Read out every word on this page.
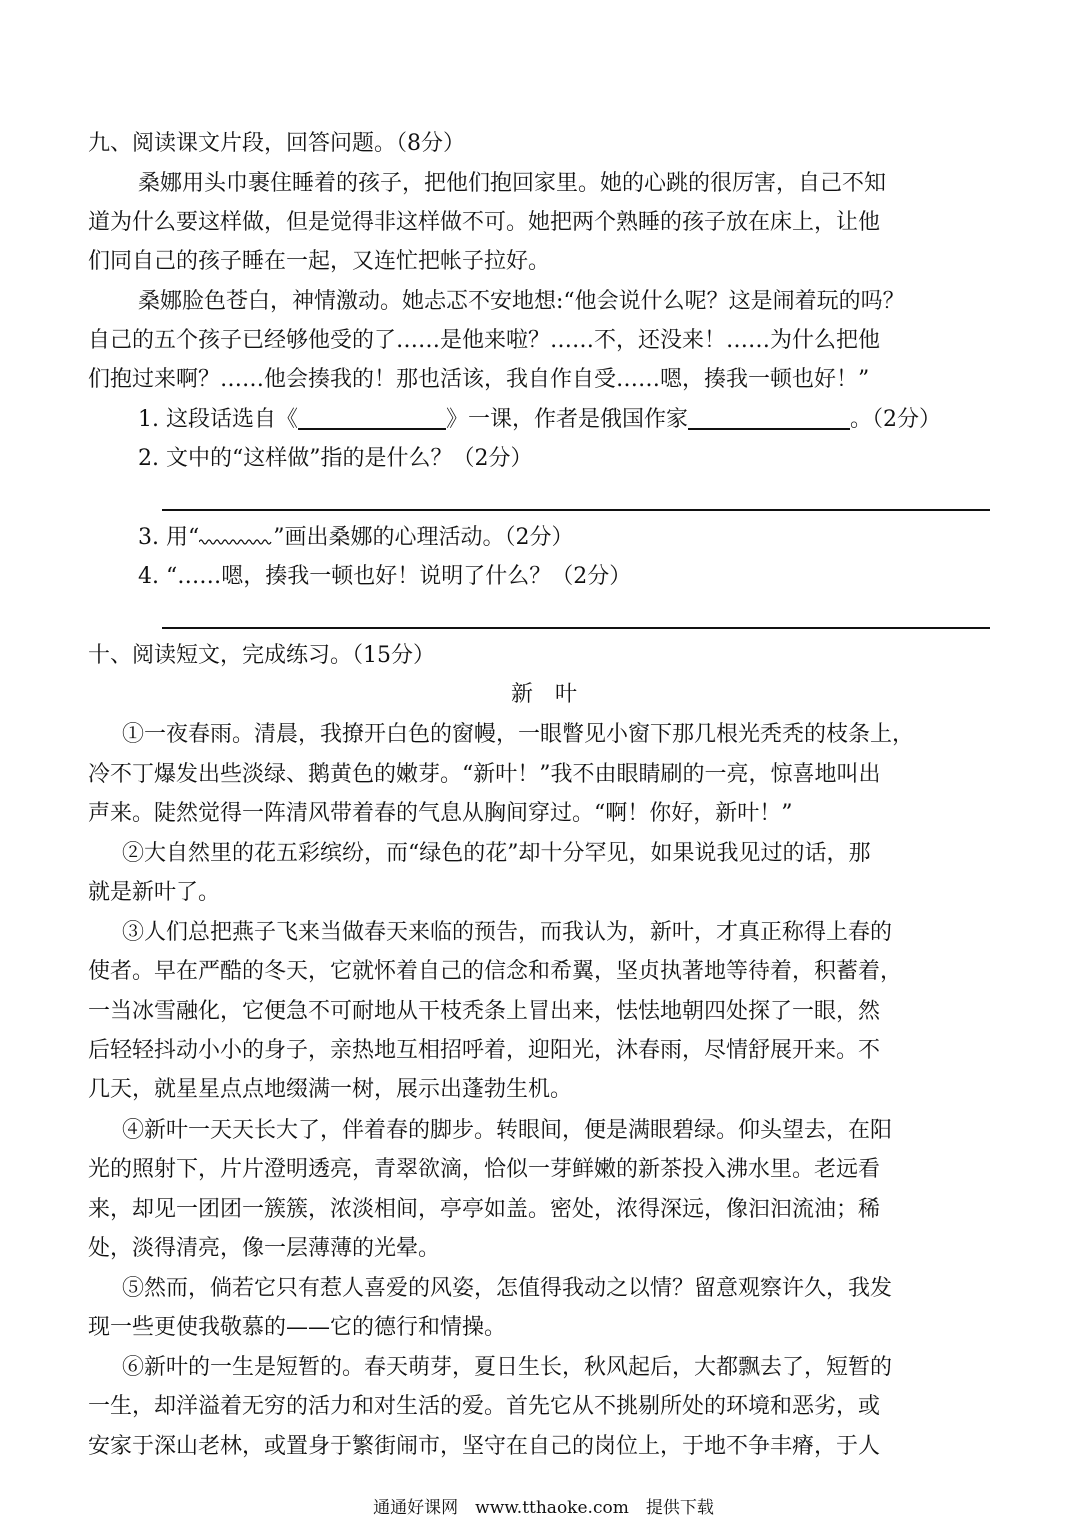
九、阅读课文片段，回答问题。（8分）
桑娜用头巾裹住睡着的孩子，把他们抱回家里。她的心跳的很厉害，自己不知
道为什么要这样做，但是觉得非这样做不可。她把两个熟睡的孩子放在床上，让他
们同自己的孩子睡在一起，又连忙把帐子拉好。
桑娜脸色苍白，神情激动。她忐忑不安地想:“他会说什么呢？这是闹着玩的吗？
自己的五个孩子已经够他受的了……是他来啦？……不，还没来！……为什么把他
们抱过来啊？……他会揍我的！那也活该，我自作自受……嗯，揍我一顿也好！”
1. 这段话选自《	》一课，作者是俄国作家	。（2分）
2. 文中的“这样做”指的是什么？（2分）
3. 用“	”画出桑娜的心理活动。（2分）
4. “……嗯，揍我一顿也好！说明了什么？（2分）
十、阅读短文，完成练习。（15分）
新　叶
①一夜春雨。清晨，我撩开白色的窗幔，一眼瞥见小窗下那几根光秃秃的枝条上，
冷不丁爆发出些淡绿、鹅黄色的嫩芽。“新叶！”我不由眼睛刷的一亮，惊喜地叫出
声来。陡然觉得一阵清风带着春的气息从胸间穿过。“啊！你好，新叶！”
②大自然里的花五彩缤纷，而“绿色的花”却十分罕见，如果说我见过的话，那
就是新叶了。
③人们总把燕子飞来当做春天来临的预告，而我认为，新叶，才真正称得上春的
使者。早在严酷的冬天，它就怀着自己的信念和希翼，坚贞执著地等待着，积蓄着，
一当冰雪融化，它便急不可耐地从干枝秃条上冒出来，怯怯地朝四处探了一眼，然
后轻轻抖动小小的身子，亲热地互相招呼着，迎阳光，沐春雨，尽情舒展开来。不
几天，就星星点点地缀满一树，展示出蓬勃生机。
④新叶一天天长大了，伴着春的脚步。转眼间，便是满眼碧绿。仰头望去，在阳
光的照射下，片片澄明透亮，青翠欲滴，恰似一芽鲜嫩的新茶投入沸水里。老远看
来，却见一团团一簇簇，浓淡相间，亭亭如盖。密处，浓得深远，像汩汩流油；稀
处，淡得清亮，像一层薄薄的光晕。
⑤然而，倘若它只有惹人喜爱的风姿，怎值得我动之以情？留意观察许久，我发
现一些更使我敬慕的——它的德行和情操。
⑥新叶的一生是短暂的。春天萌芽，夏日生长，秋风起后，大都飘去了，短暂的
一生，却洋溢着无穷的活力和对生活的爱。首先它从不挑剔所处的环境和恶劣，或
安家于深山老林，或置身于繁街闹市，坚守在自己的岗位上，于地不争丰瘠，于人
通通好课网　www.tthaoke.com　提供下载
